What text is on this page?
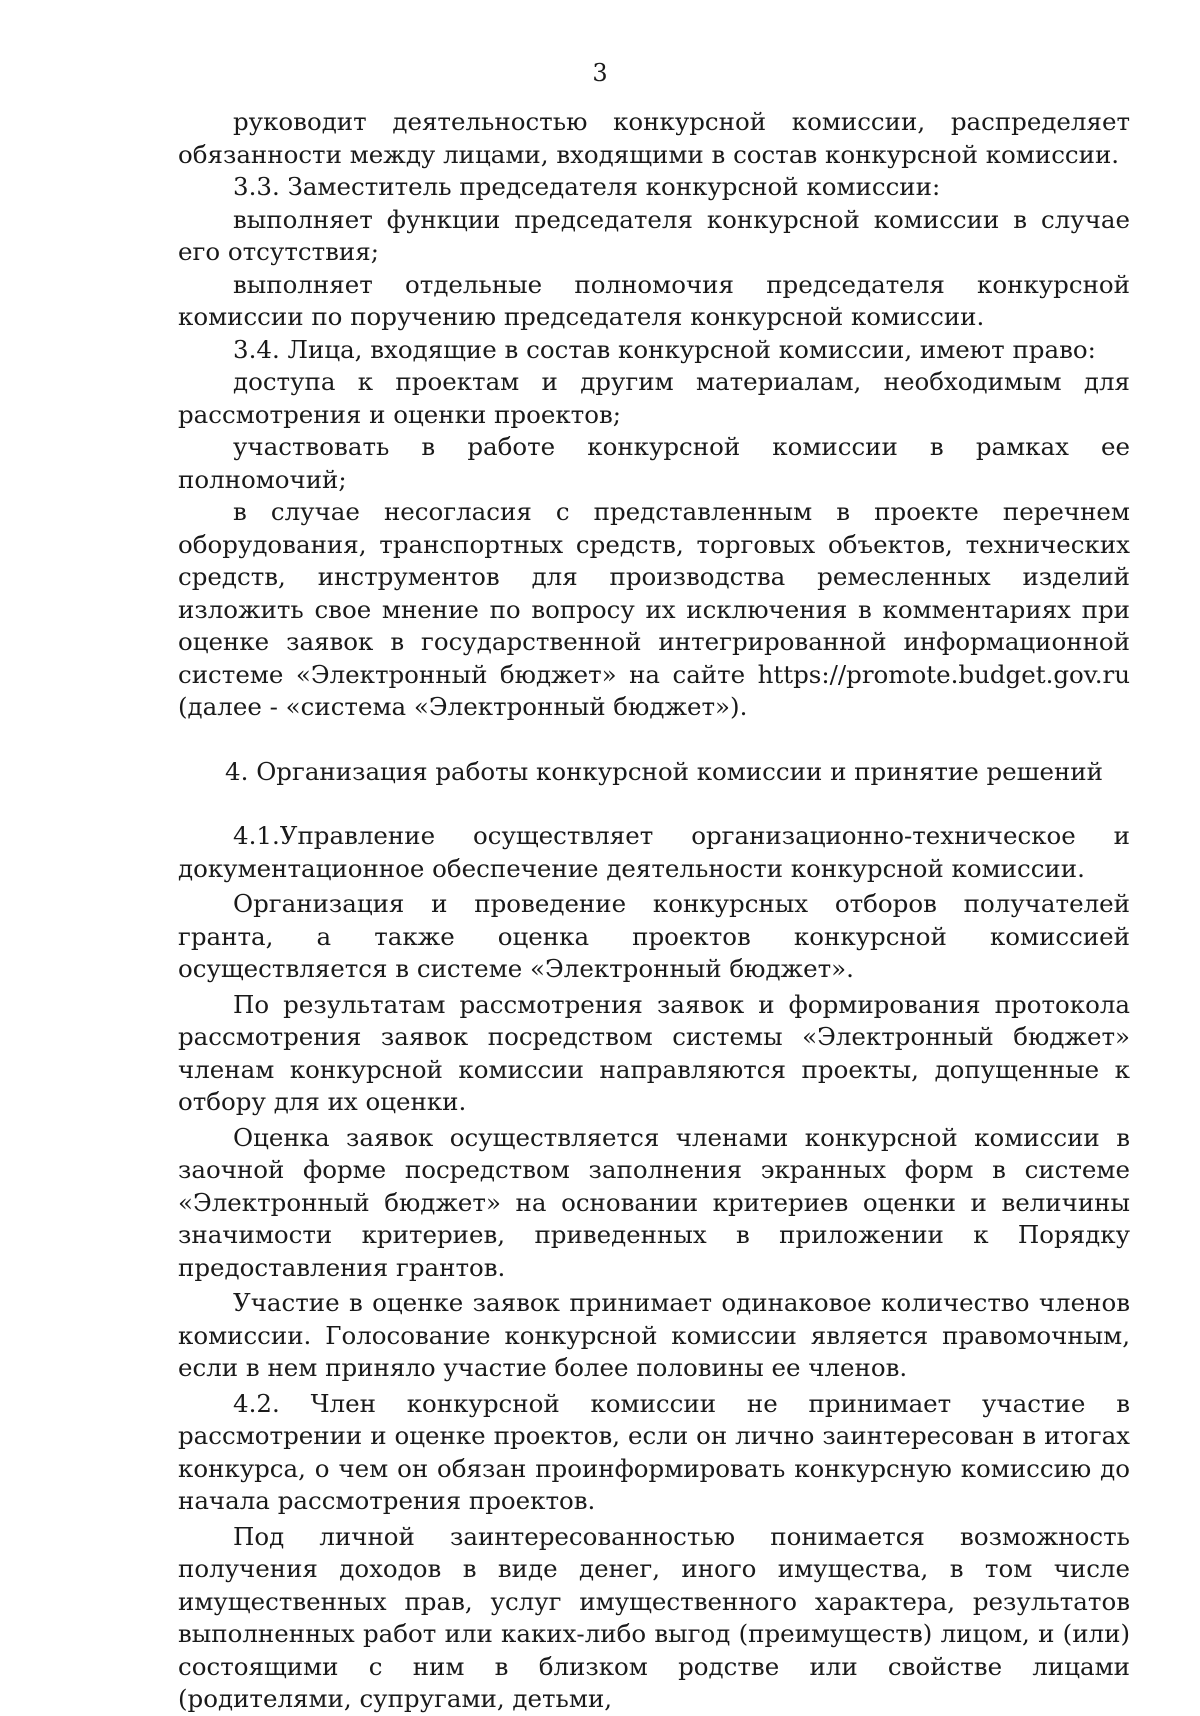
3

руководит деятельностью конкурсной комиссии, распределяет обязанности между лицами, входящими в состав конкурсной комиссии.

3.3. Заместитель председателя конкурсной комиссии:

выполняет функции председателя конкурсной комиссии в случае его отсутствия;

выполняет отдельные полномочия председателя конкурсной комиссии по поручению председателя конкурсной комиссии.

3.4. Лица, входящие в состав конкурсной комиссии, имеют право:

доступа к проектам и другим материалам, необходимым для рассмотрения и оценки проектов;

участвовать в работе конкурсной комиссии в рамках ее полномочий;

в случае несогласия с представленным в проекте перечнем оборудования, транспортных средств, торговых объектов, технических средств, инструментов для производства ремесленных изделий изложить свое мнение по вопросу их исключения в комментариях при оценке заявок в государственной интегрированной информационной системе «Электронный бюджет» на сайте https://promote.budget.gov.ru (далее - «система «Электронный бюджет»).

4. Организация работы конкурсной комиссии и принятие решений

4.1.Управление осуществляет организационно-техническое и документационное обеспечение деятельности конкурсной комиссии.

Организация и проведение конкурсных отборов получателей гранта, а также оценка проектов конкурсной комиссией осуществляется в системе «Электронный бюджет».

По результатам рассмотрения заявок и формирования протокола рассмотрения заявок посредством системы «Электронный бюджет» членам конкурсной комиссии направляются проекты, допущенные к отбору для их оценки.

Оценка заявок осуществляется членами конкурсной комиссии в заочной форме посредством заполнения экранных форм в системе «Электронный бюджет» на основании критериев оценки и величины значимости критериев, приведенных в приложении к Порядку предоставления грантов.

Участие в оценке заявок принимает одинаковое количество членов комиссии. Голосование конкурсной комиссии является правомочным, если в нем приняло участие более половины ее членов.

4.2. Член конкурсной комиссии не принимает участие в рассмотрении и оценке проектов, если он лично заинтересован в итогах конкурса, о чем он обязан проинформировать конкурсную комиссию до начала рассмотрения проектов.

Под личной заинтересованностью понимается возможность получения доходов в виде денег, иного имущества, в том числе имущественных прав, услуг имущественного характера, результатов выполненных работ или каких-либо выгод (преимуществ) лицом, и (или) состоящими с ним в близком родстве или свойстве лицами (родителями, супругами, детьми,
